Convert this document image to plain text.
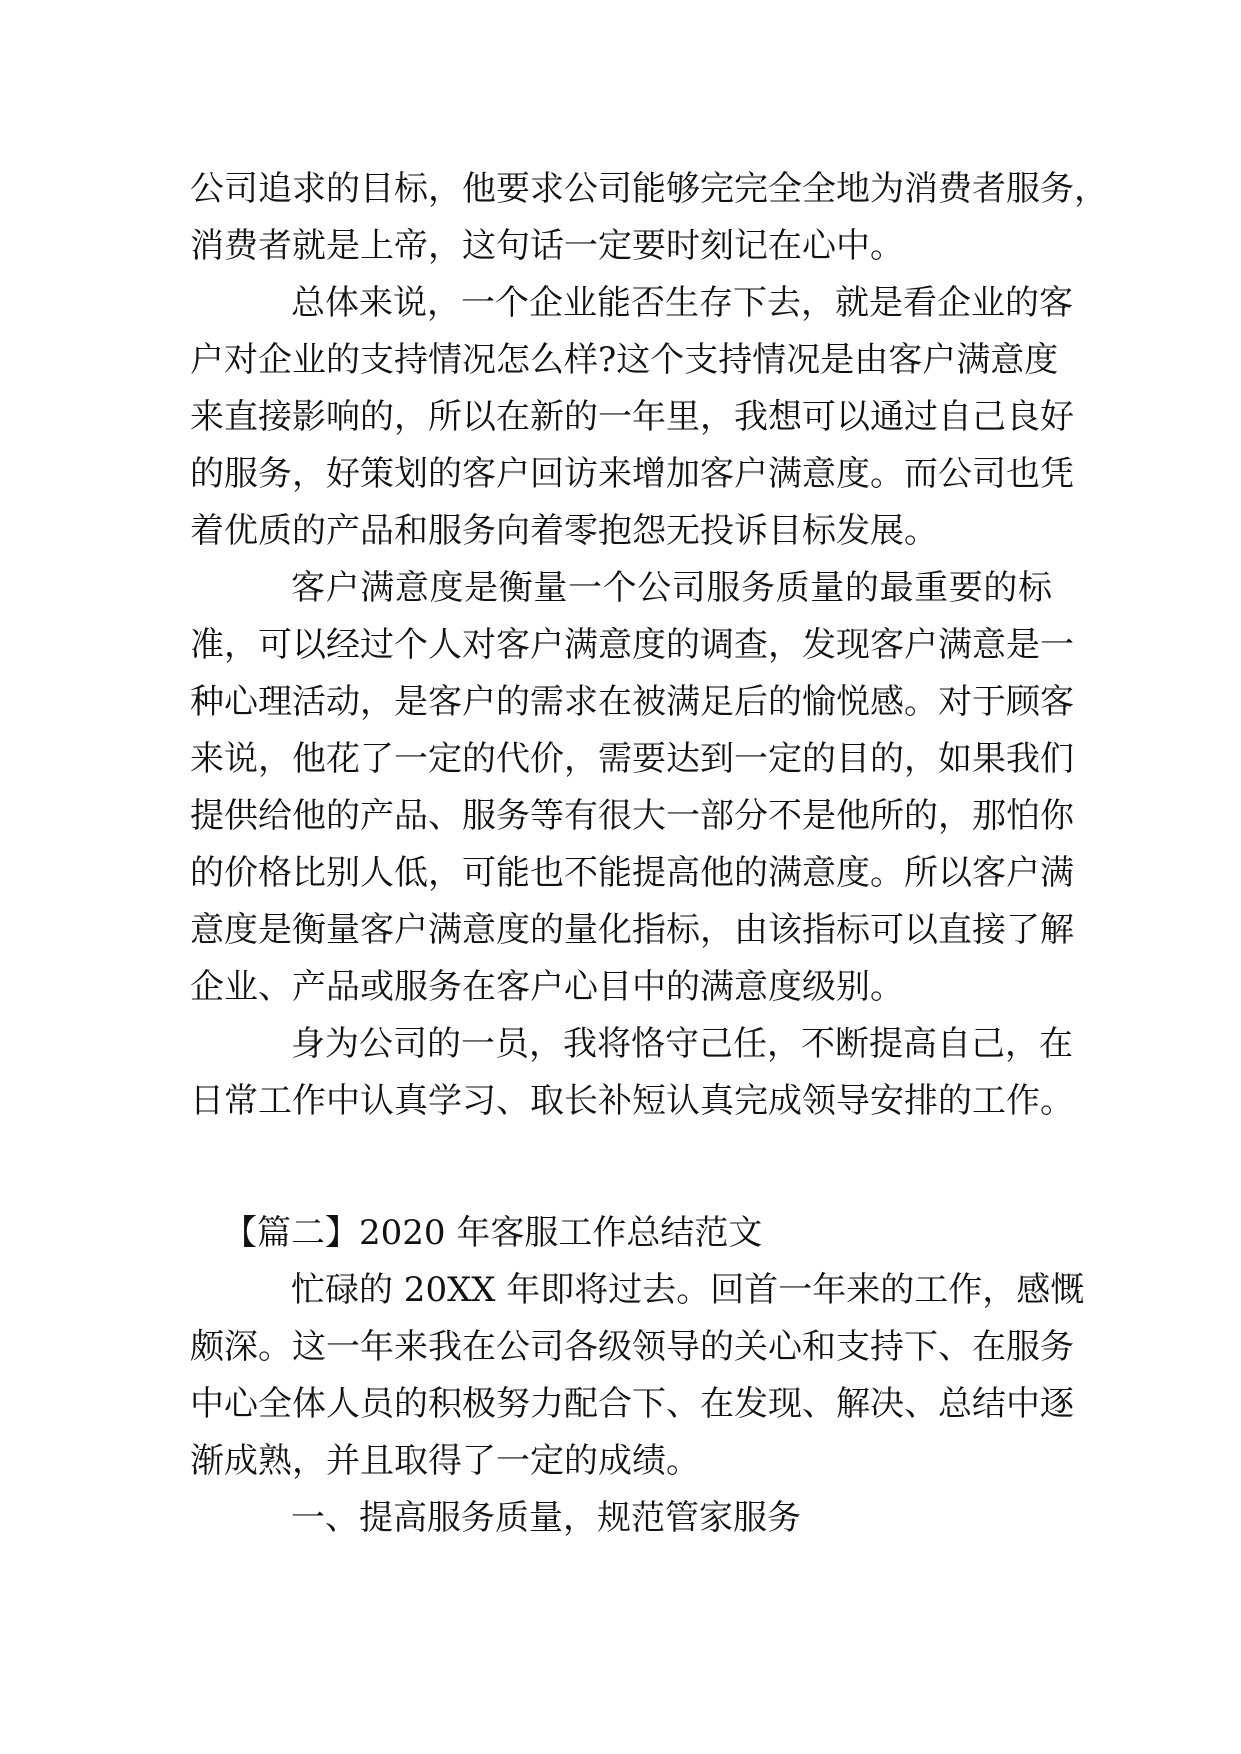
公司追求的目标，他要求公司能够完完全全地为消费者服务，
消费者就是上帝，这句话一定要时刻记在心中。
总体来说，一个企业能否生存下去，就是看企业的客
户对企业的支持情况怎么样?这个支持情况是由客户满意度
来直接影响的，所以在新的一年里，我想可以通过自己良好
的服务，好策划的客户回访来增加客户满意度。而公司也凭
着优质的产品和服务向着零抱怨无投诉目标发展。
客户满意度是衡量一个公司服务质量的最重要的标
准，可以经过个人对客户满意度的调查，发现客户满意是一
种心理活动，是客户的需求在被满足后的愉悦感。对于顾客
来说，他花了一定的代价，需要达到一定的目的，如果我们
提供给他的产品、服务等有很大一部分不是他所的，那怕你
的价格比别人低，可能也不能提高他的满意度。所以客户满
意度是衡量客户满意度的量化指标，由该指标可以直接了解
企业、产品或服务在客户心目中的满意度级别。
身为公司的一员，我将恪守己任，不断提高自己，在
日常工作中认真学习、取长补短认真完成领导安排的工作。
【篇二】2020 年客服工作总结范文
忙碌的 20XX 年即将过去。回首一年来的工作，感慨
颇深。这一年来我在公司各级领导的关心和支持下、在服务
中心全体人员的积极努力配合下、在发现、解决、总结中逐
渐成熟，并且取得了一定的成绩。
一、提高服务质量，规范管家服务
